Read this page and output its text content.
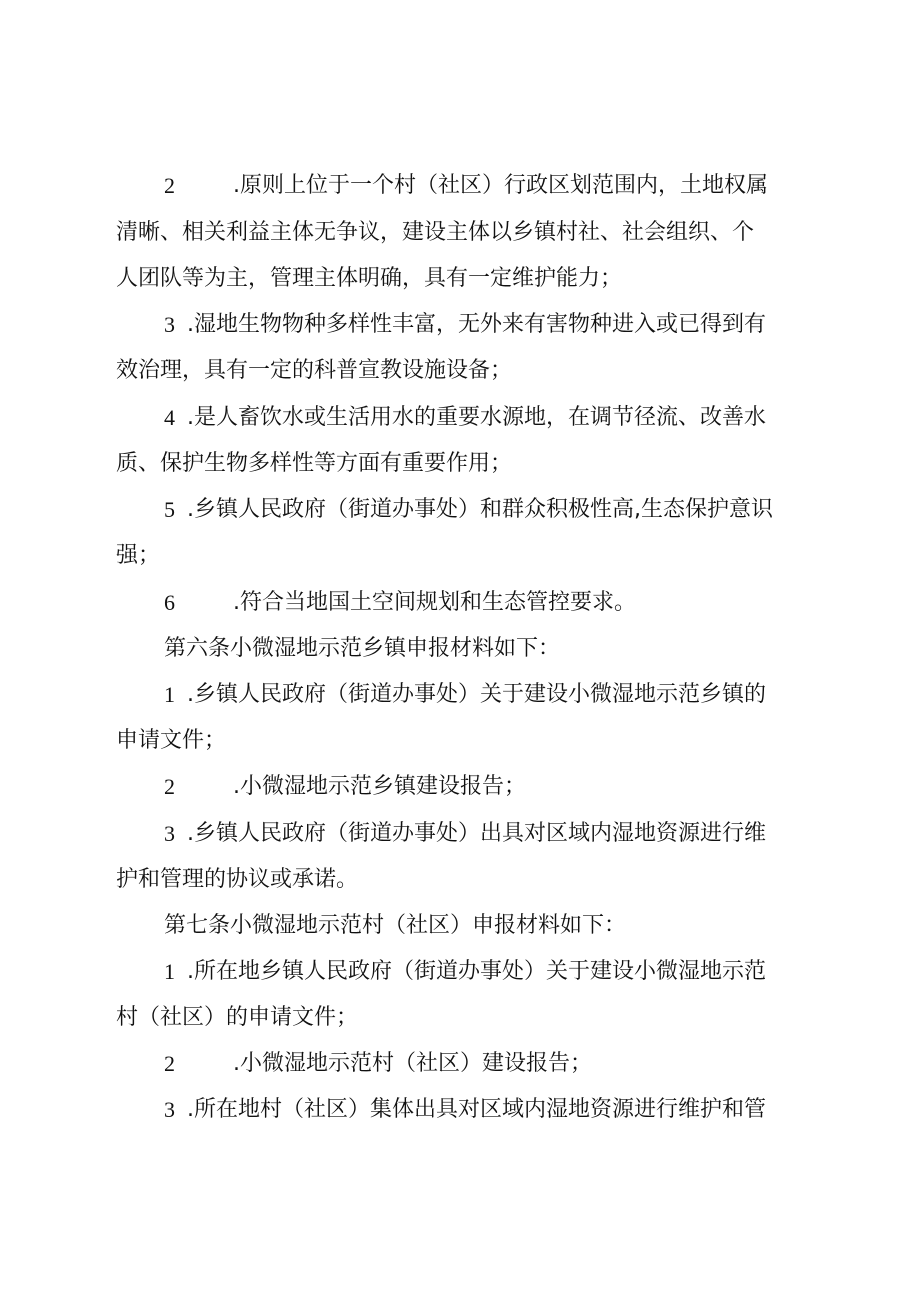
2	.原则上位于一个村（社区）行政区划范围内，土地权属
清晰、相关利益主体无争议，建设主体以乡镇村社、社会组织、个
人团队等为主，管理主体明确，具有一定维护能力；
3 .湿地生物物种多样性丰富，无外来有害物种进入或已得到有
效治理，具有一定的科普宣教设施设备；
4 .是人畜饮水或生活用水的重要水源地，在调节径流、改善水
质、保护生物多样性等方面有重要作用；
5 .乡镇人民政府（街道办事处）和群众积极性高,生态保护意识
强；
6	.符合当地国土空间规划和生态管控要求。
第六条小微湿地示范乡镇申报材料如下：
1 .乡镇人民政府（街道办事处）关于建设小微湿地示范乡镇的
申请文件；
2	.小微湿地示范乡镇建设报告；
3 .乡镇人民政府（街道办事处）出具对区域内湿地资源进行维
护和管理的协议或承诺。
第七条小微湿地示范村（社区）申报材料如下：
1 .所在地乡镇人民政府（街道办事处）关于建设小微湿地示范
村（社区）的申请文件；
2	.小微湿地示范村（社区）建设报告；
3 .所在地村（社区）集体出具对区域内湿地资源进行维护和管
